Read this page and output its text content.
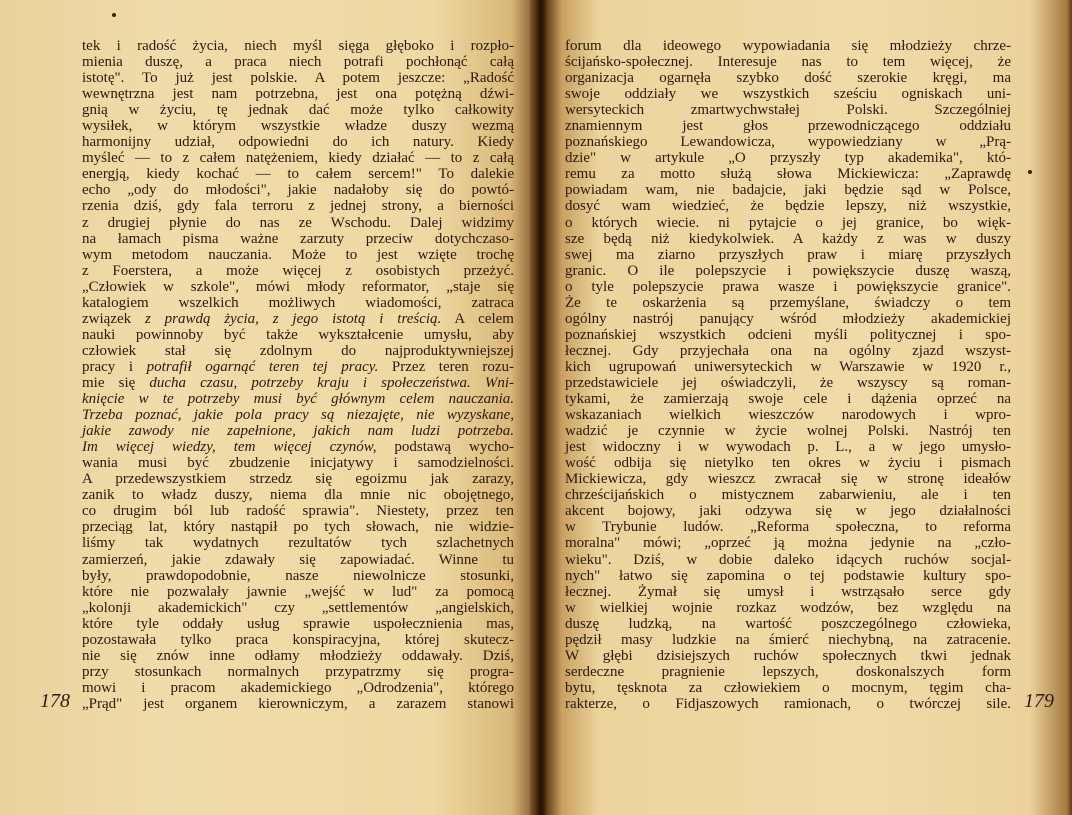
tek i radość życia, niech myśl sięga głęboko i rozpło-
mienia duszę, a praca niech potrafi pochłonąć całą
istotę". To już jest polskie. A potem jeszcze: „Radość
wewnętrzna jest nam potrzebna, jest ona potężną dźwi-
gnią w życiu, tę jednak dać może tylko całkowity
wysiłek, w którym wszystkie władze duszy wezmą
harmonijny udział, odpowiedni do ich natury. Kiedy
myśleć — to z całem natężeniem, kiedy działać — to z całą
energją, kiedy kochać — to całem sercem!" To dalekie
echo „ody do młodości", jakie nadałoby się do powtó-
rzenia dziś, gdy fala terroru z jednej strony, a bierności
z drugiej płynie do nas ze Wschodu. Dalej widzimy
na łamach pisma ważne zarzuty przeciw dotychczaso-
wym metodom nauczania. Może to jest wzięte trochę
z Foerstera, a może więcej z osobistych przeżyć.
„Człowiek w szkole", mówi młody reformator, „staje się
katalogiem wszelkich możliwych wiadomości, zatraca
związek z prawdą życia, z jego istotą i treścią. A celem
nauki powinnoby być także wykształcenie umysłu, aby
człowiek stał się zdolnym do najproduktywniejszej
pracy i potrafił ogarnąć teren tej pracy. Przez teren rozu-
mie się ducha czasu, potrzeby kraju i społeczeństwa. Wni-
knięcie w te potrzeby musi być głównym celem nauczania.
Trzeba poznać, jakie pola pracy są niezajęte, nie wyzyskane,
jakie zawody nie zapełnione, jakich nam ludzi potrzeba.
Im więcej wiedzy, tem więcej czynów, podstawą wycho-
wania musi być zbudzenie inicjatywy i samodzielności.
A przedewszystkiem strzedz się egoizmu jak zarazy,
zanik to władz duszy, niema dla mnie nic obojętnego,
co drugim ból lub radość sprawia". Niestety, przez ten
przeciąg lat, który nastąpił po tych słowach, nie widzie-
liśmy tak wydatnych rezultatów tych szlachetnych
zamierzeń, jakie zdawały się zapowiadać. Winne tu
były, prawdopodobnie, nasze niewolnicze stosunki,
które nie pozwalały jawnie „wejść w lud" za pomocą
„kolonji akademickich" czy „settlementów „angielskich,
które tyle oddały usług sprawie uspołecznienia mas,
pozostawała tylko praca konspiracyjna, której skutecz-
nie się znów inne odłamy młodzieży oddawały. Dziś,
przy stosunkach normalnych przypatrzmy się progra-
mowi i pracom akademickiego „Odrodzenia", którego
„Prąd" jest organem kierowniczym, a zarazem stanowi
178
forum dla ideowego wypowiadania się młodzieży chrze-
ścijańsko-społecznej. Interesuje nas to tem więcej, że
organizacja ogarnęła szybko dość szerokie kręgi, ma
swoje oddziały we wszystkich sześciu ogniskach uni-
wersyteckich zmartwychwstałej Polski. Szczególniej
znamiennym jest głos przewodniczącego oddziału
poznańskiego Lewandowicza, wypowiedziany w „Prą-
dzie" w artykule „O przyszły typ akademika", któ-
remu za motto służą słowa Mickiewicza: „Zaprawdę
powiadam wam, nie badajcie, jaki będzie sąd w Polsce,
dosyć wam wiedzieć, że będzie lepszy, niż wszystkie,
o których wiecie. ni pytajcie o jej granice, bo więk-
sze będą niż kiedykolwiek. A każdy z was w duszy
swej ma ziarno przyszłych praw i miarę przyszłych
granic. O ile polepszycie i powiększycie duszę waszą,
o tyle polepszycie prawa wasze i powiększycie granice".
Że te oskarżenia są przemyślane, świadczy o tem
ogólny nastrój panujący wśród młodzieży akademickiej
poznańskiej wszystkich odcieni myśli politycznej i spo-
łecznej. Gdy przyjechała ona na ogólny zjazd wszyst-
kich ugrupowań uniwersyteckich w Warszawie w 1920 r.,
przedstawiciele jej oświadczyli, że wszyscy są roman-
tykami, że zamierzają swoje cele i dążenia oprzeć na
wskazaniach wielkich wieszczów narodowych i wpro-
wadzić je czynnie w życie wolnej Polski. Nastrój ten
jest widoczny i w wywodach p. L., a w jego umysło-
wość odbija się nietylko ten okres w życiu i pismach
Mickiewicza, gdy wieszcz zwracał się w stronę ideałów
chrześcijańskich o mistycznem zabarwieniu, ale i ten
akcent bojowy, jaki odzywa się w jego działalności
w Trybunie ludów. „Reforma społeczna, to reforma
moralna" mówi; „oprzeć ją można jedynie na „czło-
wieku". Dziś, w dobie daleko idących ruchów socjal-
nych" łatwo się zapomina o tej podstawie kultury spo-
łecznej. Żymał się umysł i wstrząsało serce gdy
w wielkiej wojnie rozkaz wodzów, bez względu na
duszę ludzką, na wartość poszczególnego człowieka,
pędził masy ludzkie na śmierć niechybną, na zatracenie.
W głębi dzisiejszych ruchów społecznych tkwi jednak
serdeczne pragnienie lepszych, doskonalszych form
bytu, tęsknota za człowiekiem o mocnym, tęgim cha-
rakterze, o Fidjaszowych ramionach, o twórczej sile. 179
